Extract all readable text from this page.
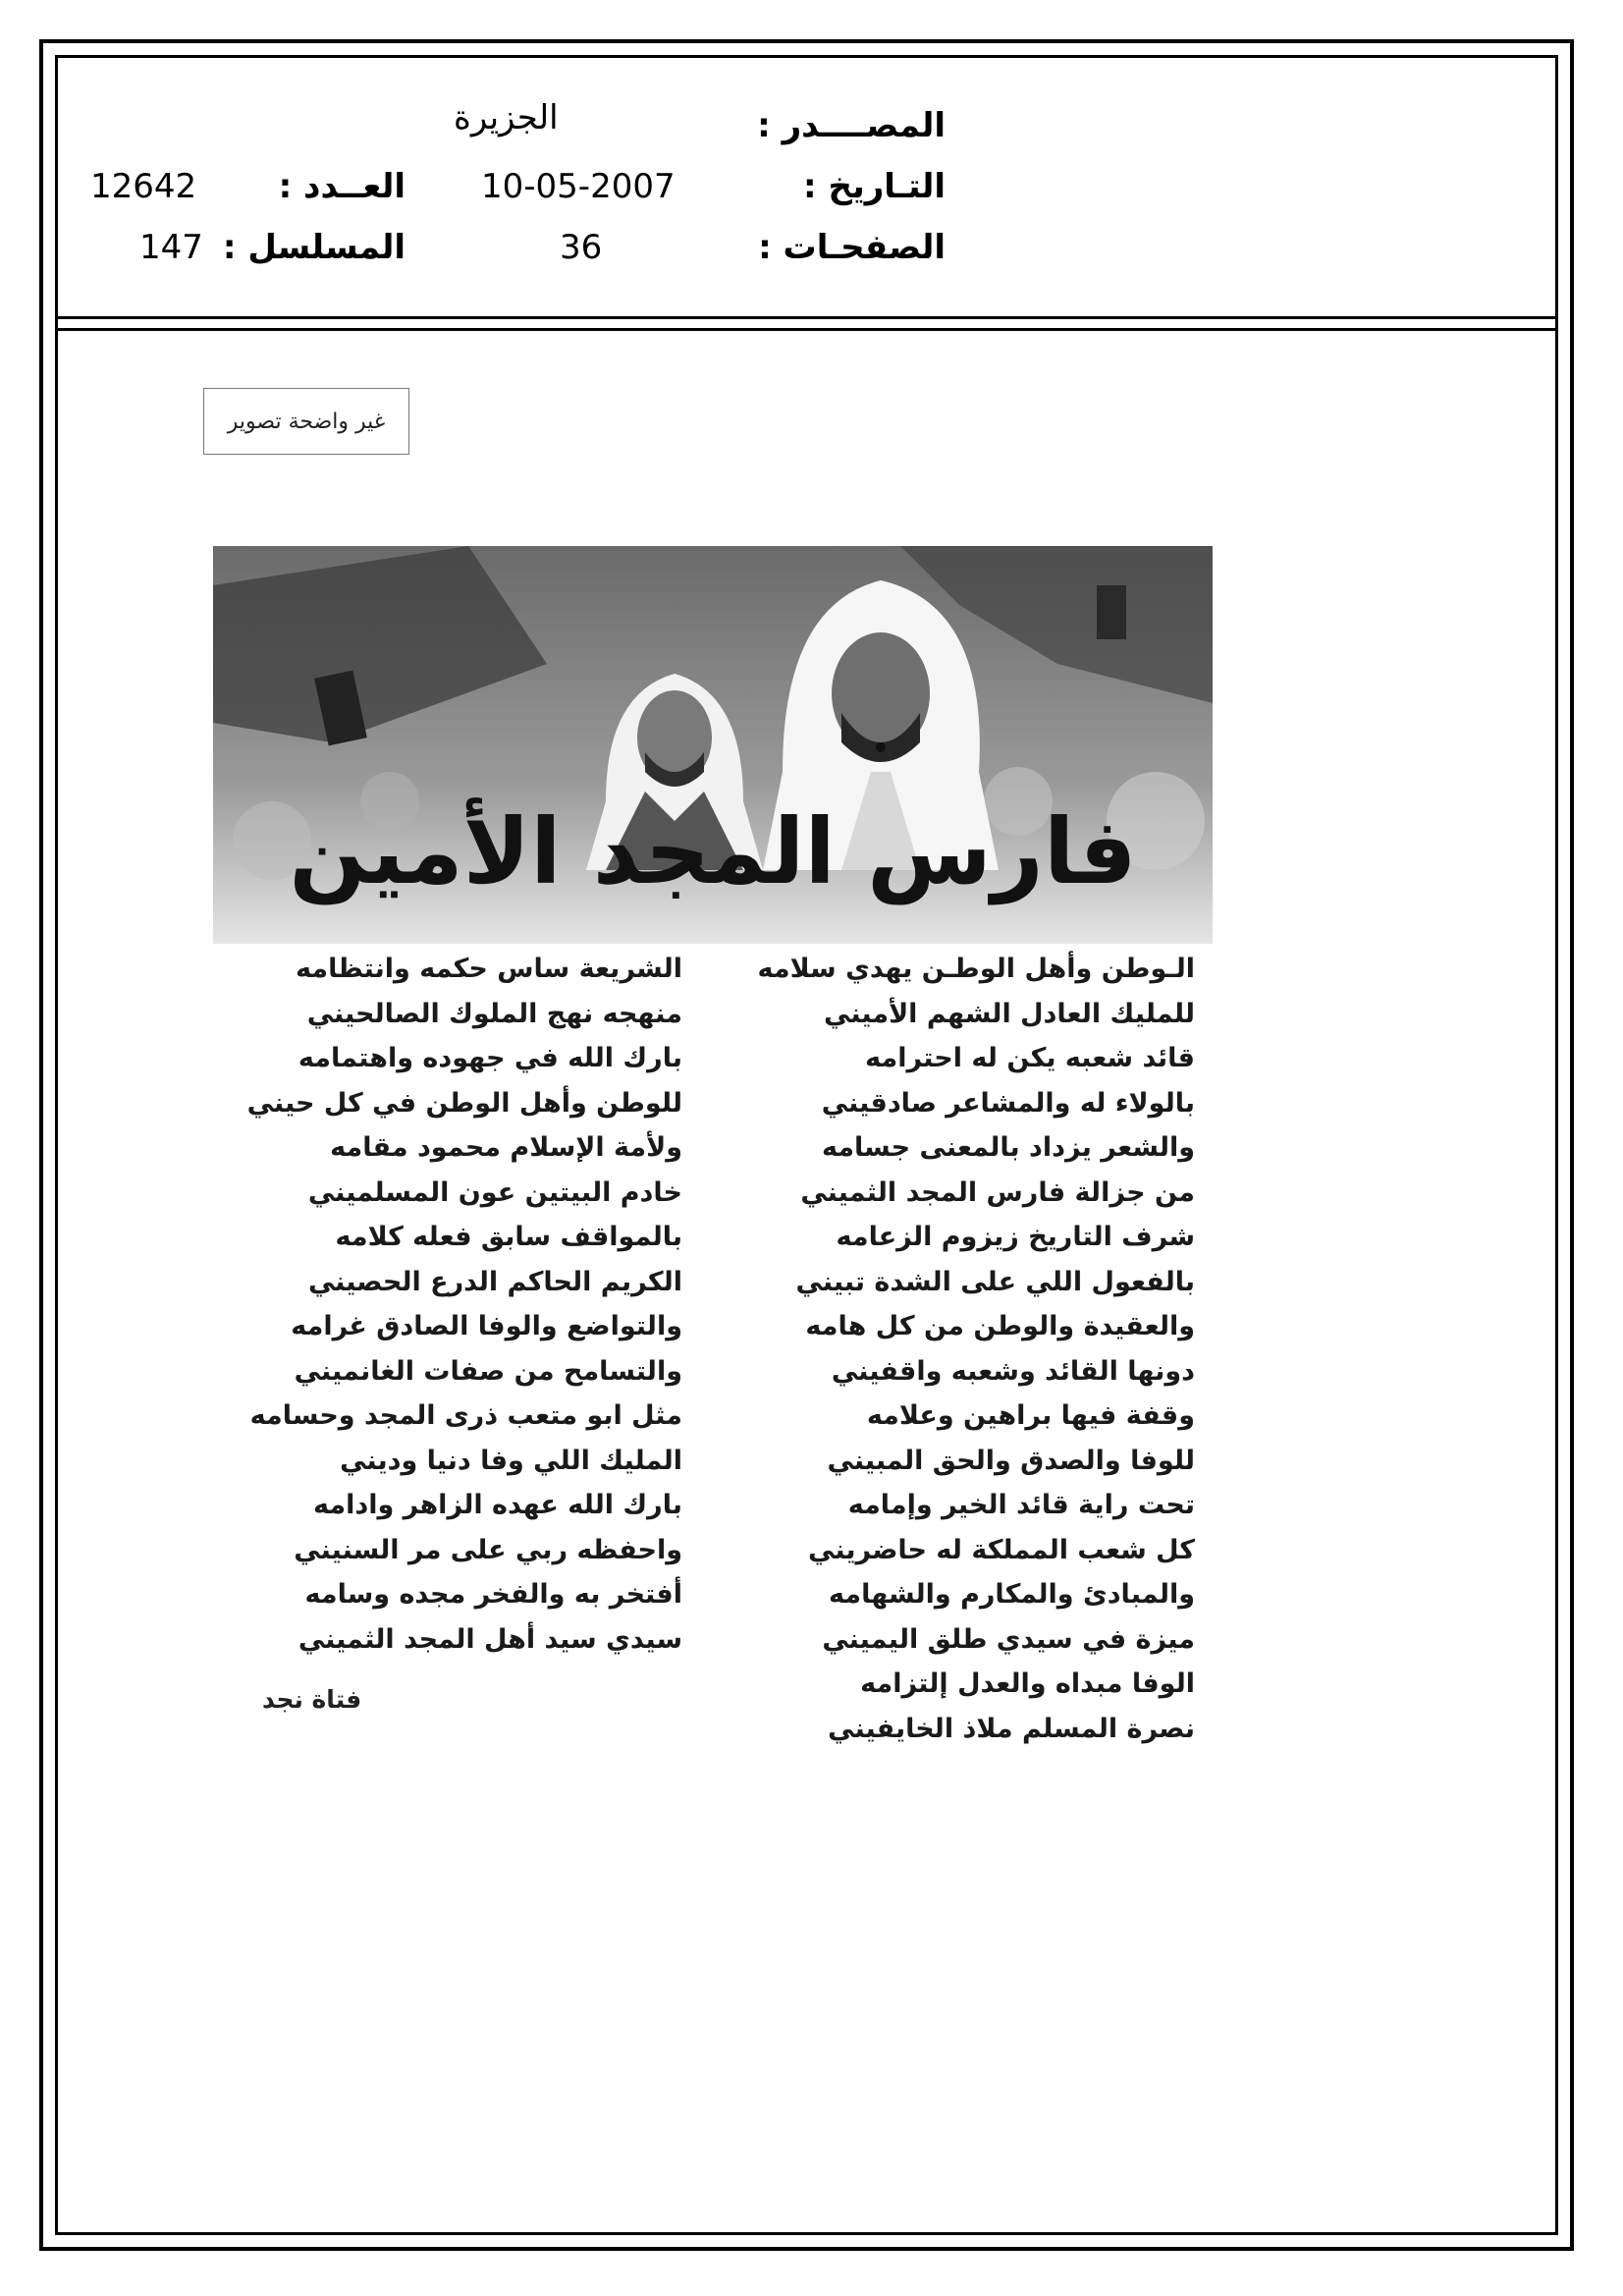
المصــــدر :
الجزيرة
التـاريخ :
10-05-2007
العــدد :
12642
الصفحـات :
36
المسلسل :
147
غير واضحة تصوير
فارس المجد الأمين
الـوطن وأهل الوطـن يهدي سلامه
للمليك العادل الشهم الأميني
قائد شعبه يكن له احترامه
بالولاء له والمشاعر صادقيني
والشعر يزداد بالمعنى جسامه
من جزالة فارس المجد الثميني
شرف التاريخ زيزوم الزعامه
بالفعول اللي على الشدة تبيني
والعقيدة والوطن من كل هامه
دونها القائد وشعبه واقفيني
وقفة فيها براهين وعلامه
للوفا والصدق والحق المبيني
تحت راية قائد الخير وإمامه
كل شعب المملكة له حاضريني
والمبادئ والمكارم والشهامه
ميزة في سيدي طلق اليميني
الوفا مبداه والعدل إلتزامه
نصرة المسلم ملاذ الخايفيني
الشريعة ساس حكمه وانتظامه
منهجه نهج الملوك الصالحيني
بارك الله في جهوده واهتمامه
للوطن وأهل الوطن في كل حيني
ولأمة الإسلام محمود مقامه
خادم البيتين عون المسلميني
بالمواقف سابق فعله كلامه
الكريم الحاكم الدرع الحصيني
والتواضع والوفا الصادق غرامه
والتسامح من صفات الغانميني
مثل ابو متعب ذرى المجد وحسامه
المليك اللي وفا دنيا وديني
بارك الله عهده الزاهر وادامه
واحفظه ربي على مر السنيني
أفتخر به والفخر مجده وسامه
سيدي سيد أهل المجد الثميني
فتاة نجد
